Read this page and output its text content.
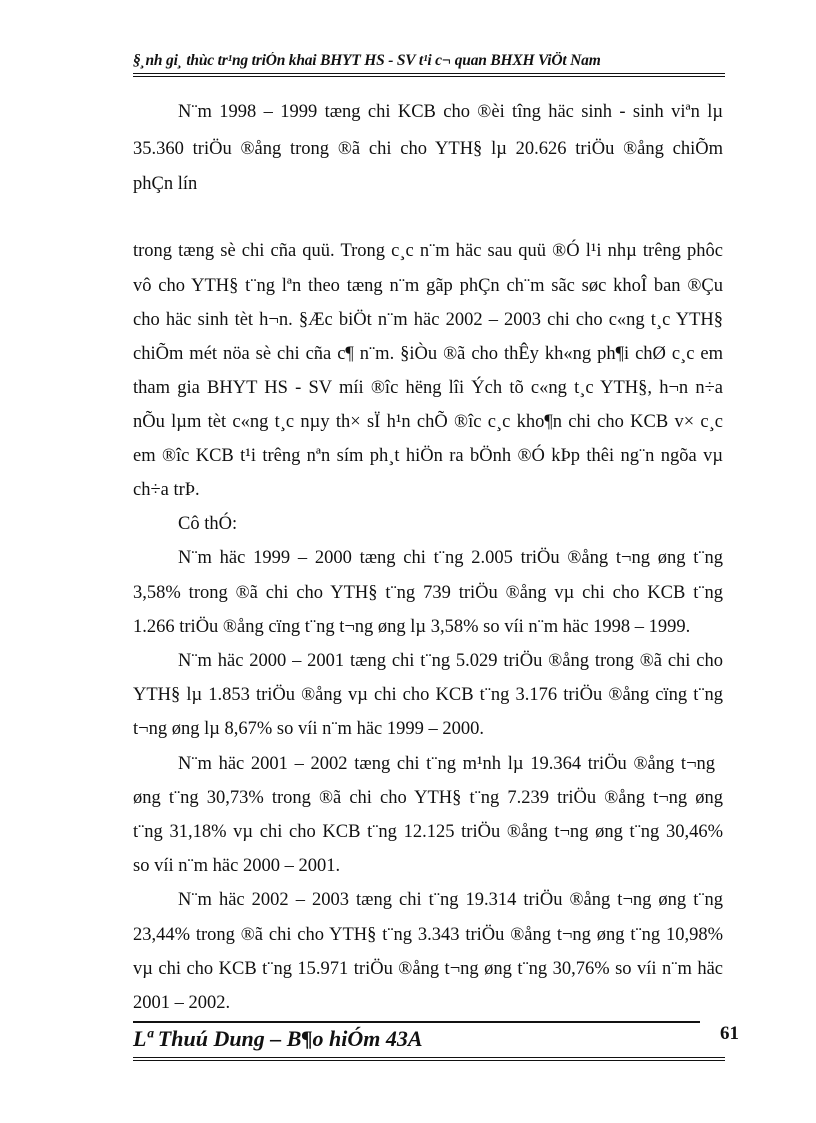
§¸nh gi¸ thùc tr¹ng triÓn khai BHYT HS - SV t¹i c¬ quan BHXH ViÖt Nam
N¨m 1998 – 1999 tæng chi KCB cho ®èi tîng häc sinh - sinh viªn lµ
35.360 triÖu ®ång trong ®ã chi cho YTH§ lµ 20.626 triÖu ®ång chiÕm
phÇn lín
trong tæng sè chi cña quü. Trong c¸c n¨m häc sau quü ®Ó l¹i nhµ trêng phôc
vô cho YTH§ t¨ng lªn theo tæng n¨m gãp phÇn ch¨m sãc søc khoÎ ban ®Çu
cho häc sinh tèt h¬n. §Æc biÖt n¨m häc 2002 – 2003 chi cho c«ng t¸c YTH§
chiÕm mét nöa sè chi cña c¶ n¨m. §iÒu ®ã cho thÊy kh«ng ph¶i chØ c¸c em
tham gia BHYT HS - SV míi ®îc hëng lîi Ých tõ c«ng t¸c YTH§, h¬n n÷a
nÕu lµm tèt c«ng t¸c nµy th× sÏ h¹n chÕ ®îc c¸c kho¶n chi cho KCB v× c¸c
em ®îc KCB t¹i trêng nªn sím ph¸t hiÖn ra bÖnh ®Ó kÞp thêi ng¨n ngõa vµ
ch÷a trÞ.
Cô thÓ:
N¨m häc 1999 – 2000 tæng chi t¨ng 2.005 triÖu ®ång t¬ng øng t¨ng
3,58% trong ®ã chi cho YTH§ t¨ng 739 triÖu ®ång vµ chi cho KCB t¨ng
1.266 triÖu ®ång cïng t¨ng t¬ng øng lµ 3,58% so víi n¨m häc 1998 – 1999.
N¨m häc 2000 – 2001 tæng chi t¨ng 5.029 triÖu ®ång trong ®ã chi cho
YTH§ lµ 1.853 triÖu ®ång vµ chi cho KCB t¨ng 3.176 triÖu ®ång cïng t¨ng
t¬ng øng lµ 8,67% so víi n¨m häc 1999 – 2000.
N¨m häc 2001 – 2002 tæng chi t¨ng m¹nh lµ 19.364 triÖu ®ång t¬ng
øng t¨ng 30,73% trong ®ã chi cho YTH§ t¨ng 7.239 triÖu ®ång t¬ng øng
t¨ng 31,18% vµ chi cho KCB t¨ng 12.125 triÖu ®ång t¬ng øng t¨ng 30,46%
so víi n¨m häc 2000 – 2001.
N¨m häc 2002 – 2003 tæng chi t¨ng 19.314 triÖu ®ång t¬ng øng t¨ng
23,44% trong ®ã chi cho YTH§ t¨ng 3.343 triÖu ®ång t¬ng øng t¨ng 10,98%
vµ chi cho KCB t¨ng 15.971 triÖu ®ång t¬ng øng t¨ng 30,76% so víi n¨m häc
2001 – 2002.
Lª Thuú Dung – B¶o hiÓm 43A	61
